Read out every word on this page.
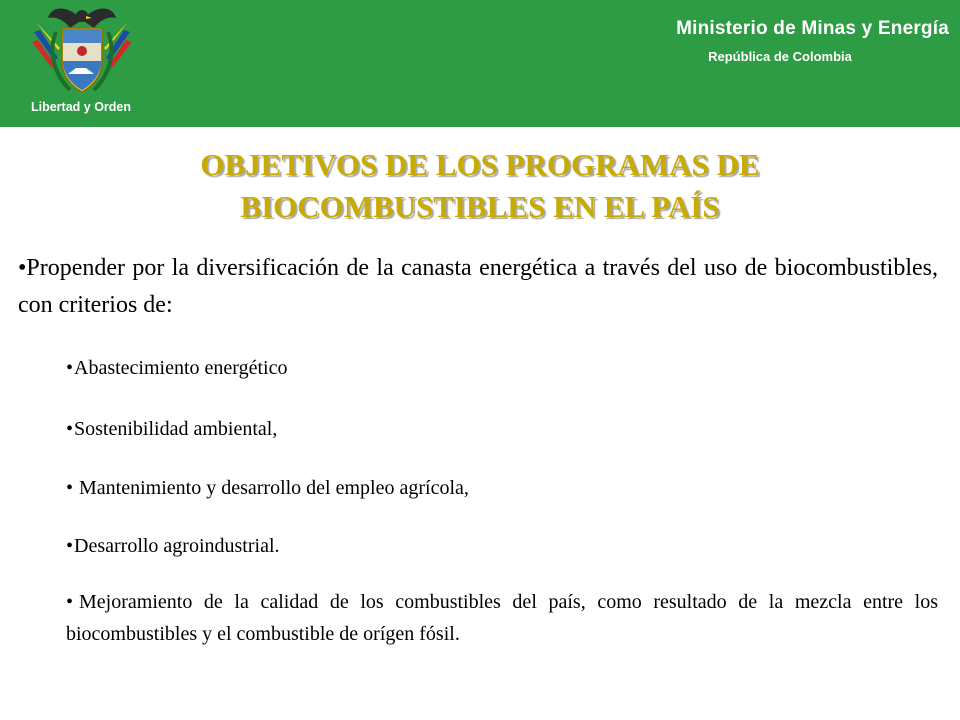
Libertad y Orden
Ministerio de Minas y Energía
República de Colombia
OBJETIVOS DE LOS PROGRAMAS DE
BIOCOMBUSTIBLES EN EL PAÍS
•Propender por la diversificación de la canasta energética a través del uso de biocombustibles, con criterios de:
•Abastecimiento energético
•Sostenibilidad ambiental,
• Mantenimiento y desarrollo del empleo agrícola,
•Desarrollo agroindustrial.
• Mejoramiento de la calidad de los combustibles del país, como resultado de la mezcla entre los biocombustibles y el combustible de orígen fósil.
